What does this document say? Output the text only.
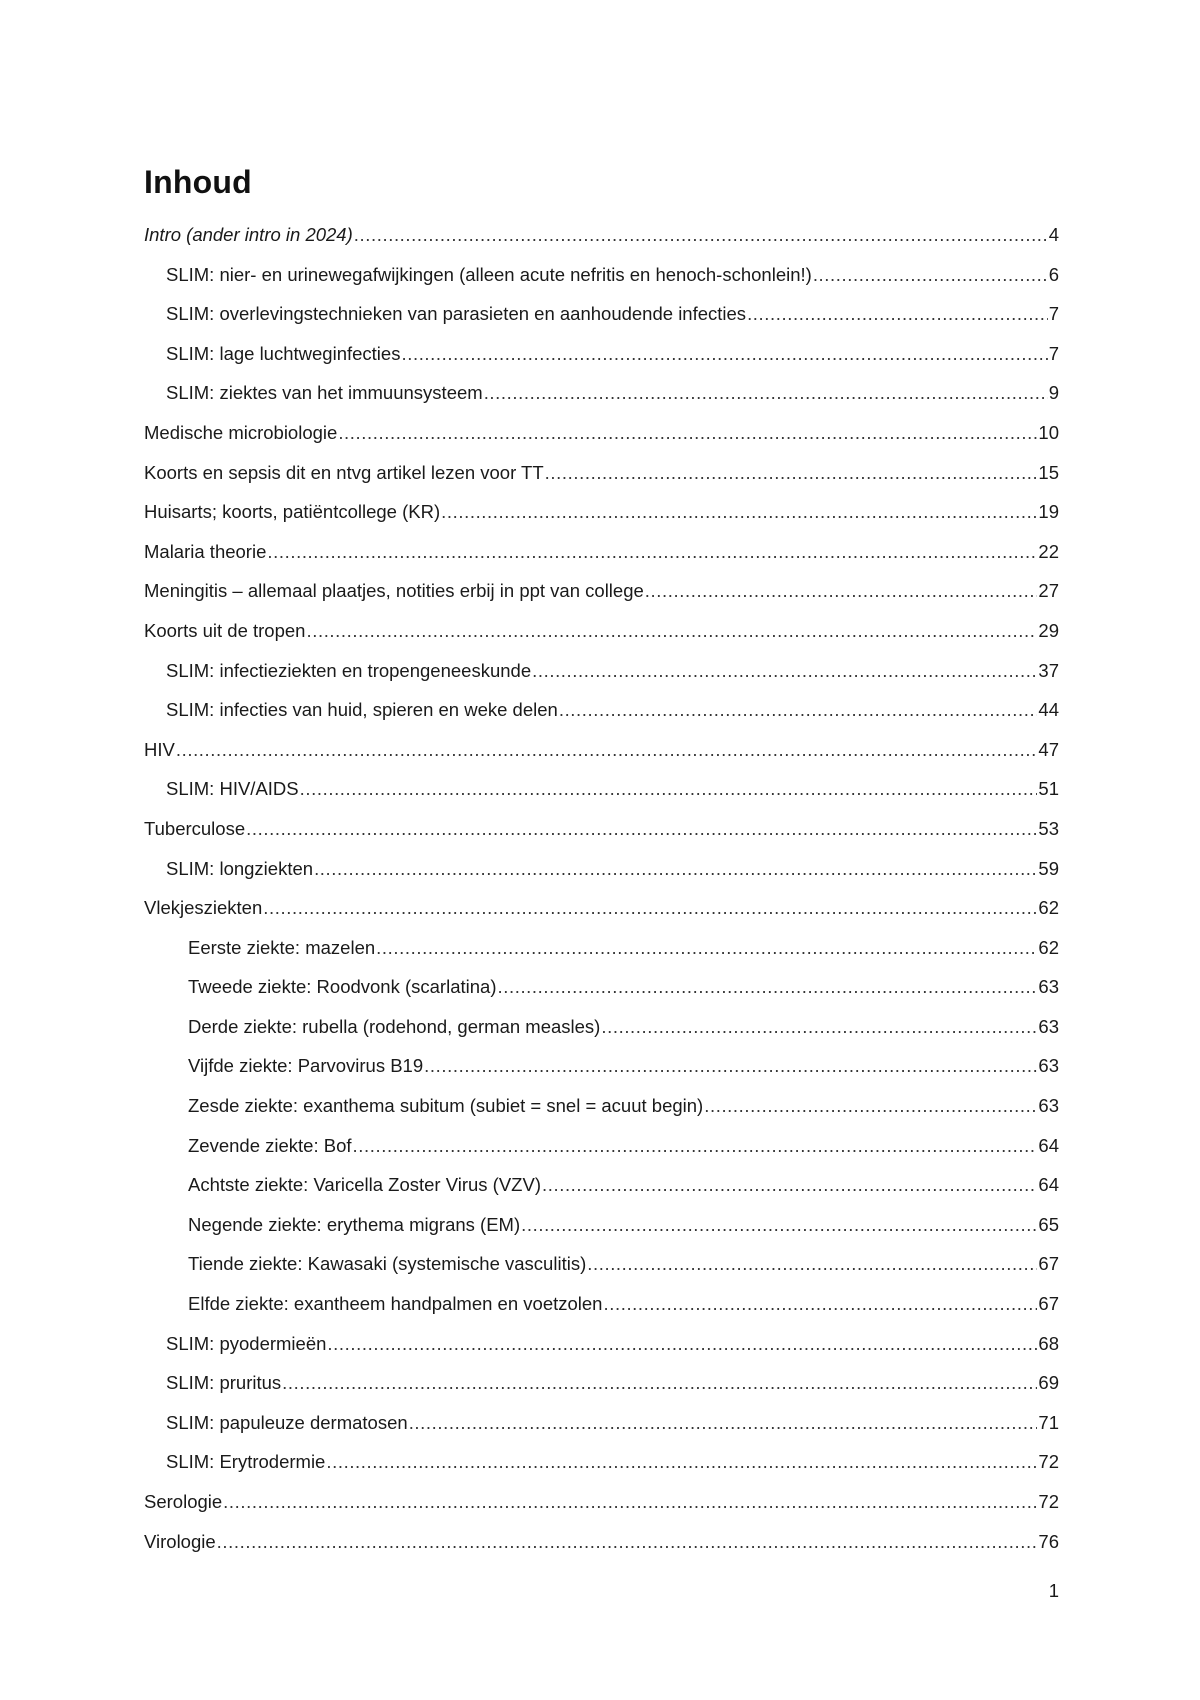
Inhoud
Intro (ander intro in 2024) .....	4
SLIM: nier- en urinewegafwijkingen (alleen acute nefritis en henoch-schonlein!) .....	6
SLIM: overlevingstechnieken van parasieten en aanhoudende infecties .....	7
SLIM: lage luchtweginfecties .....	7
SLIM: ziektes van het immuunsysteem .....	9
Medische microbiologie .....	10
Koorts en sepsis dit en ntvg artikel lezen voor TT .....	15
Huisarts; koorts, patiëntcollege (KR) .....	19
Malaria theorie .....	22
Meningitis – allemaal plaatjes, notities erbij in ppt van college .....	27
Koorts uit de tropen .....	29
SLIM: infectieziekten en tropengeneeskunde .....	37
SLIM: infecties van huid, spieren en weke delen .....	44
HIV .....	47
SLIM: HIV/AIDS .....	51
Tuberculose .....	53
SLIM: longziekten .....	59
Vlekjesziekten .....	62
Eerste ziekte: mazelen .....	62
Tweede ziekte: Roodvonk (scarlatina) .....	63
Derde ziekte: rubella (rodehond, german measles) .....	63
Vijfde ziekte: Parvovirus B19 .....	63
Zesde ziekte: exanthema subitum (subiet = snel = acuut begin) .....	63
Zevende ziekte: Bof .....	64
Achtste ziekte: Varicella Zoster Virus (VZV) .....	64
Negende ziekte: erythema migrans (EM) .....	65
Tiende ziekte: Kawasaki (systemische vasculitis) .....	67
Elfde ziekte: exantheem handpalmen en voetzolen .....	67
SLIM: pyodermieën .....	68
SLIM: pruritus .....	69
SLIM: papuleuze dermatosen .....	71
SLIM: Erytrodermie .....	72
Serologie .....	72
Virologie .....	76
1
